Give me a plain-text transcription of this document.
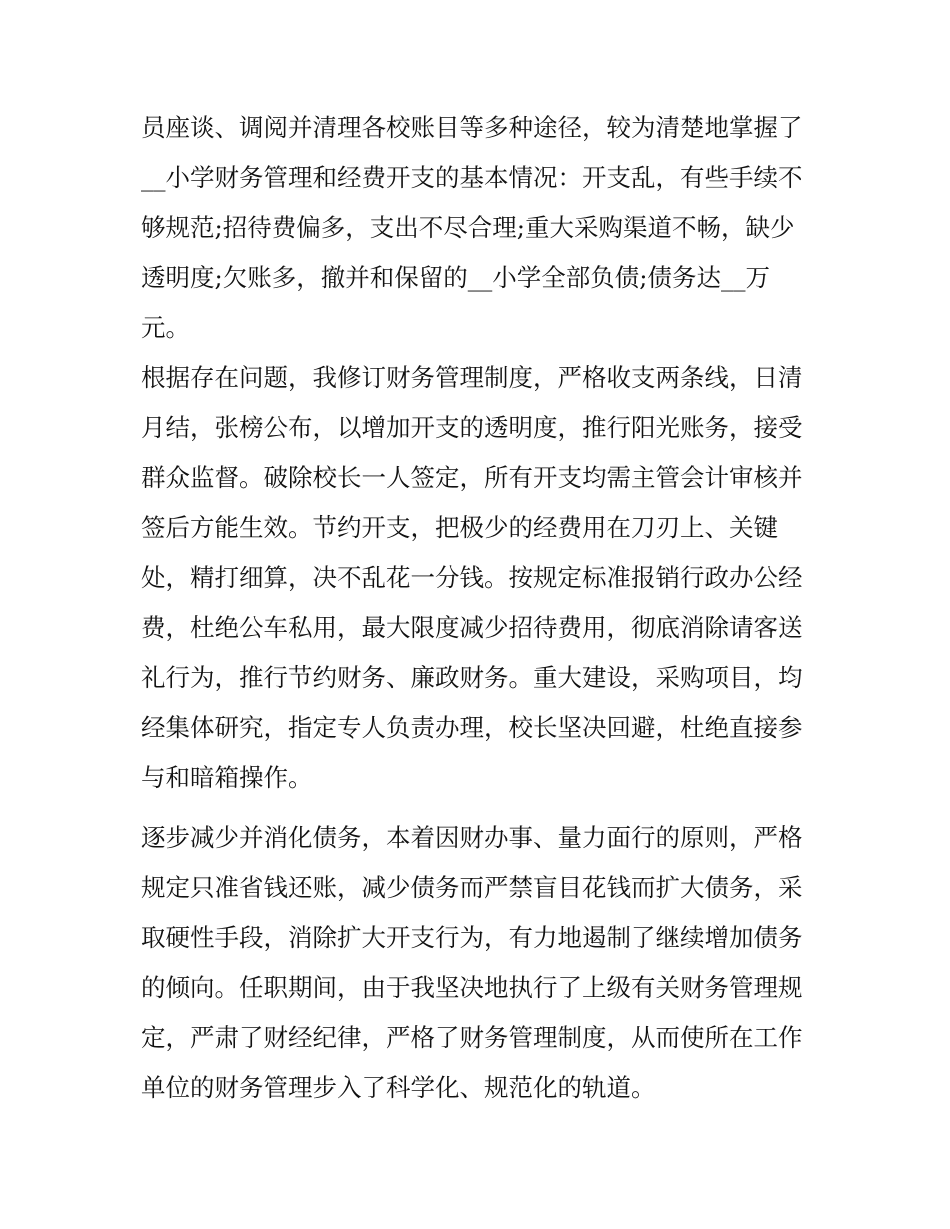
员座谈、调阅并清理各校账目等多种途径，较为清楚地掌握了
__小学财务管理和经费开支的基本情况：开支乱，有些手续不
够规范;招待费偏多，支出不尽合理;重大采购渠道不畅，缺少
透明度;欠账多，撤并和保留的__小学全部负债;债务达__万
元。
根据存在问题，我修订财务管理制度，严格收支两条线，日清
月结，张榜公布，以增加开支的透明度，推行阳光账务，接受
群众监督。破除校长一人签定，所有开支均需主管会计审核并
签后方能生效。节约开支，把极少的经费用在刀刃上、关键
处，精打细算，决不乱花一分钱。按规定标准报销行政办公经
费，杜绝公车私用，最大限度减少招待费用，彻底消除请客送
礼行为，推行节约财务、廉政财务。重大建设，采购项目，均
经集体研究，指定专人负责办理，校长坚决回避，杜绝直接参
与和暗箱操作。
逐步减少并消化债务，本着因财办事、量力面行的原则，严格
规定只准省钱还账，减少债务而严禁盲目花钱而扩大债务，采
取硬性手段，消除扩大开支行为，有力地遏制了继续增加债务
的倾向。任职期间，由于我坚决地执行了上级有关财务管理规
定，严肃了财经纪律，严格了财务管理制度，从而使所在工作
单位的财务管理步入了科学化、规范化的轨道。
